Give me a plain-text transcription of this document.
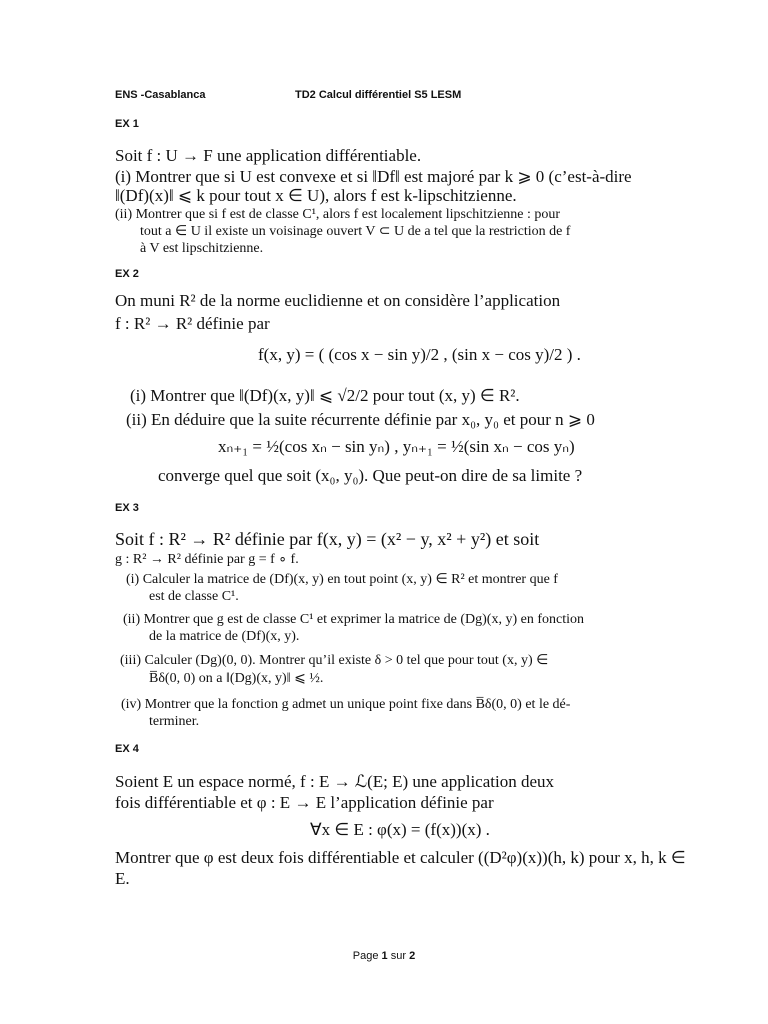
ENS -Casablanca	TD2 Calcul différentiel S5 LESM
EX 1
Soit f : U → F une application différentiable.
(i) Montrer que si U est convexe et si ‖Df‖ est majoré par k ⩾ 0 (c’est-à-dire
‖(Df)(x)‖ ⩽ k pour tout x ∈ U), alors f est k-lipschitzienne.
(ii) Montrer que si f est de classe C¹, alors f est localement lipschitzienne : pour
tout a ∈ U il existe un voisinage ouvert V ⊂ U de a tel que la restriction de f
à V est lipschitzienne.
EX 2
On muni R² de la norme euclidienne et on considère l’application
f : R² → R² définie par
f(x, y) = ( (cos x − sin y)/2 , (sin x − cos y)/2 ) .
(i) Montrer que ‖(Df)(x, y)‖ ⩽ √2/2 pour tout (x, y) ∈ R².
(ii) En déduire que la suite récurrente définie par x₀, y₀ et pour n ⩾ 0
xₙ₊₁ = ½(cos xₙ − sin yₙ) , yₙ₊₁ = ½(sin xₙ − cos yₙ)
converge quel que soit (x₀, y₀). Que peut-on dire de sa limite ?
EX 3
Soit f : R² → R² définie par f(x, y) = (x² − y, x² + y²) et soit
g : R² → R² définie par g = f ∘ f.
(i) Calculer la matrice de (Df)(x, y) en tout point (x, y) ∈ R² et montrer que f
est de classe C¹.
(ii) Montrer que g est de classe C¹ et exprimer la matrice de (Dg)(x, y) en fonction
de la matrice de (Df)(x, y).
(iii) Calculer (Dg)(0, 0). Montrer qu’il existe δ > 0 tel que pour tout (x, y) ∈
B̅δ(0, 0) on a ‖(Dg)(x, y)‖ ⩽ ½.
(iv) Montrer que la fonction g admet un unique point fixe dans B̅δ(0, 0) et le dé-
terminer.
EX 4
Soient E un espace normé, f : E → ℒ(E; E) une application deux
fois différentiable et φ : E → E l’application définie par
∀x ∈ E : φ(x) = (f(x))(x) .
Montrer que φ est deux fois différentiable et calculer ((D²φ)(x))(h, k) pour x, h, k ∈
E.
Page 1 sur 2
